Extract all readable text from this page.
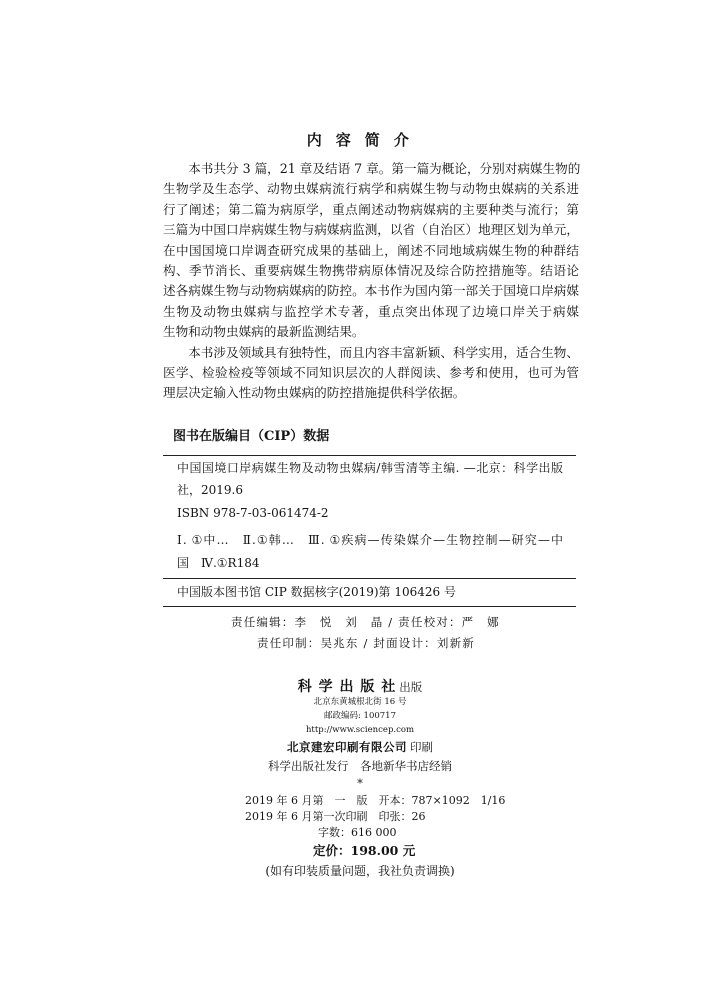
内 容 简 介
本书共分 3 篇，21 章及结语 7 章。第一篇为概论，分别对病媒生物的
生物学及生态学、动物虫媒病流行病学和病媒生物与动物虫媒病的关系进
行了阐述；第二篇为病原学，重点阐述动物病媒病的主要种类与流行；第
三篇为中国口岸病媒生物与病媒病监测，以省（自治区）地理区划为单元，
在中国国境口岸调查研究成果的基础上，阐述不同地域病媒生物的种群结
构、季节消长、重要病媒生物携带病原体情况及综合防控措施等。结语论
述各病媒生物与动物病媒病的防控。本书作为国内第一部关于国境口岸病媒
生物及动物虫媒病与监控学术专著，重点突出体现了边境口岸关于病媒
生物和动物虫媒病的最新监测结果。
本书涉及领域具有独特性，而且内容丰富新颖、科学实用，适合生物、
医学、检验检疫等领域不同知识层次的人群阅读、参考和使用，也可为管
理层决定输入性动物虫媒病的防控措施提供科学依据。
图书在版编目（CIP）数据
中国国境口岸病媒生物及动物虫媒病/韩雪清等主编. —北京：科学出版
社，2019.6
ISBN 978-7-03-061474-2
Ⅰ. ①中…　Ⅱ.①韩…　Ⅲ. ①疾病—传染媒介—生物控制—研究—中
国　Ⅳ.①R184
中国版本图书馆 CIP 数据核字(2019)第 106426 号
责任编辑：李　悦　刘　晶 / 责任校对：严　娜
责任印制：吴兆东 / 封面设计：刘新新
科 学 出 版 社 出版
北京东黄城根北街 16 号
邮政编码: 100717
http://www.sciencep.com
北京建宏印刷有限公司 印刷
科学出版社发行　各地新华书店经销
*
2019 年 6 月第　一　版　开本：787×1092　1/16
2019 年 6 月第一次印刷　印张：26
字数：616 000
定价：198.00 元
(如有印装质量问题，我社负责调换)
